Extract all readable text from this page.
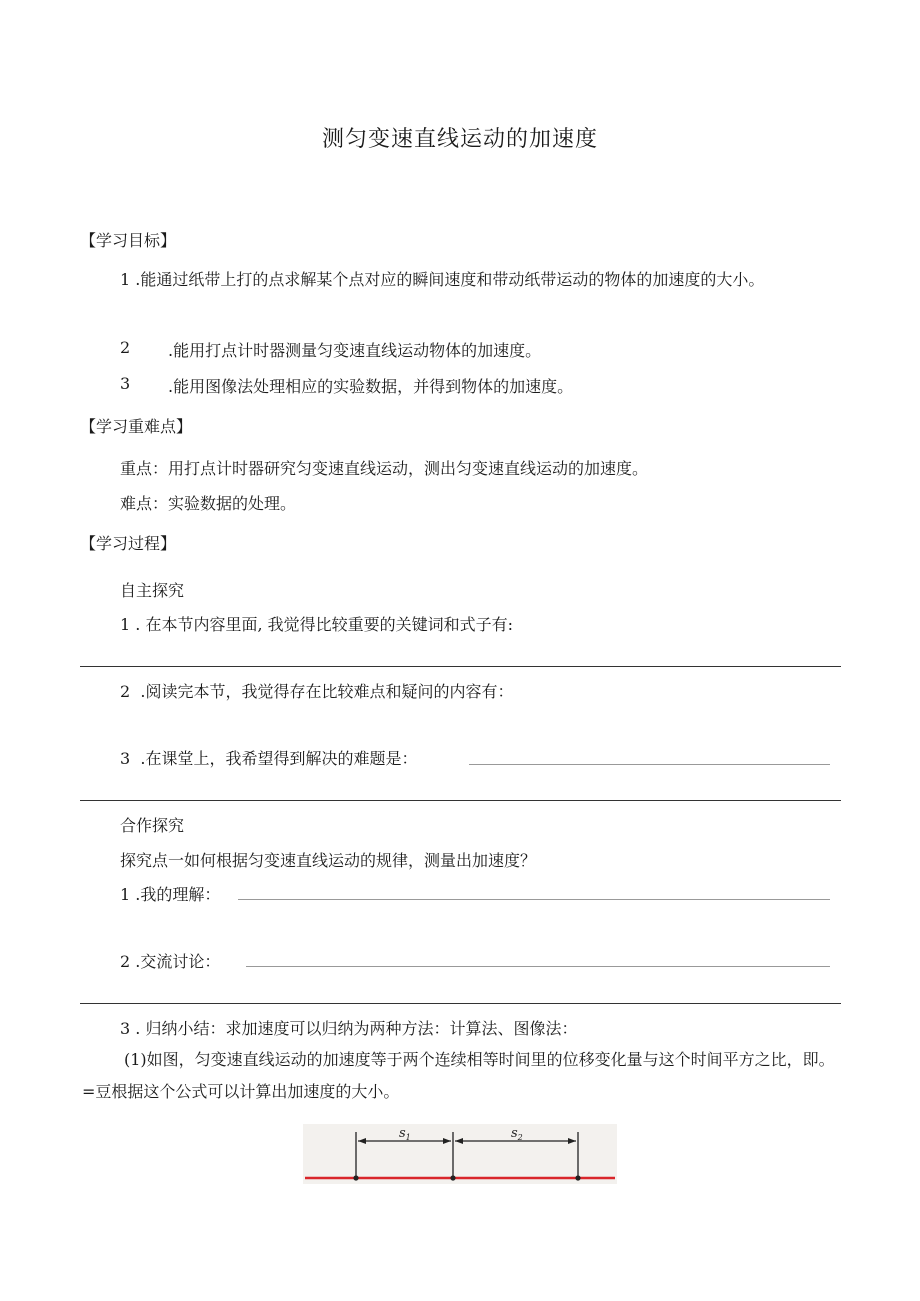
测匀变速直线运动的加速度
【学习目标】
1 .能通过纸带上打的点求解某个点对应的瞬间速度和带动纸带运动的物体的加速度的大小。
2 .能用打点计时器测量匀变速直线运动物体的加速度。
3 .能用图像法处理相应的实验数据，并得到物体的加速度。
【学习重难点】
重点：用打点计时器研究匀变速直线运动，测出匀变速直线运动的加速度。
难点：实验数据的处理。
【学习过程】
自主探究
1 . 在本节内容里面, 我觉得比较重要的关键词和式子有:
2 .阅读完本节，我觉得存在比较难点和疑问的内容有：
3 .在课堂上，我希望得到解决的难题是：
合作探究
探究点一如何根据匀变速直线运动的规律，测量出加速度？
1 .我的理解：
2 .交流讨论：
3 . 归纳小结：求加速度可以归纳为两种方法：计算法、图像法：
(1)如图，匀变速直线运动的加速度等于两个连续相等时间里的位移变化量与这个时间平方之比，即。=豆根据这个公式可以计算出加速度的大小。
$s_1$	$s_2$
